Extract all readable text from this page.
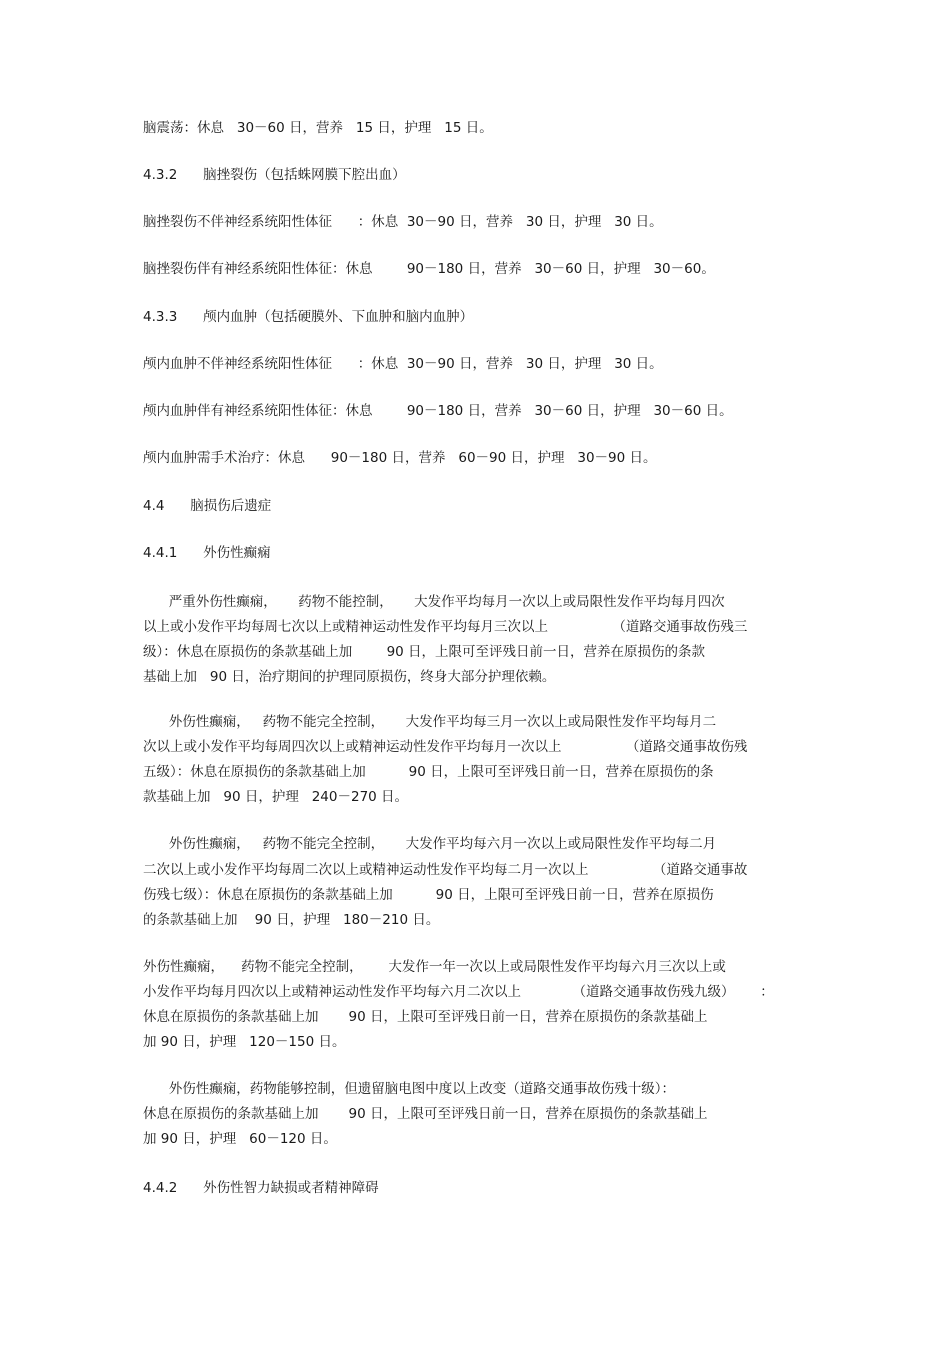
脑震荡：休息   30－60 日，营养   15 日，护理   15 日。

4.3.2      脑挫裂伤（包括蛛网膜下腔出血）

脑挫裂伤不伴神经系统阳性体征      ：休息  30－90 日，营养   30 日，护理   30 日。

脑挫裂伤伴有神经系统阳性体征：休息        90－180 日，营养   30－60 日，护理   30－60。

4.3.3      颅内血肿（包括硬膜外、下血肿和脑内血肿）

颅内血肿不伴神经系统阳性体征      ：休息  30－90 日，营养   30 日，护理   30 日。

颅内血肿伴有神经系统阳性体征：休息        90－180 日，营养   30－60 日，护理   30－60 日。

颅内血肿需手术治疗：休息      90－180 日，营养   60－90 日，护理   30－90 日。

4.4      脑损伤后遗症

4.4.1      外伤性癫痫

严重外伤性癫痫，     药物不能控制，     大发作平均每月一次以上或局限性发作平均每月四次

以上或小发作平均每周七次以上或精神运动性发作平均每月三次以上               （道路交通事故伤残三

级）：休息在原损伤的条款基础上加        90 日，上限可至评残日前一日，营养在原损伤的条款

基础上加   90 日，治疗期间的护理同原损伤，终身大部分护理依赖。

外伤性癫痫，   药物不能完全控制，     大发作平均每三月一次以上或局限性发作平均每月二

次以上或小发作平均每周四次以上或精神运动性发作平均每月一次以上               （道路交通事故伤残

五级）：休息在原损伤的条款基础上加          90 日，上限可至评残日前一日，营养在原损伤的条

款基础上加   90 日，护理   240－270 日。

外伤性癫痫，   药物不能完全控制，     大发作平均每六月一次以上或局限性发作平均每二月

二次以上或小发作平均每周二次以上或精神运动性发作平均每二月一次以上               （道路交通事故

伤残七级）：休息在原损伤的条款基础上加          90 日，上限可至评残日前一日，营养在原损伤

的条款基础上加    90 日，护理   180－210 日。

外伤性癫痫，    药物不能完全控制，      大发作一年一次以上或局限性发作平均每六月三次以上或

小发作平均每月四次以上或精神运动性发作平均每六月二次以上            （道路交通事故伤残九级）      ：

休息在原损伤的条款基础上加       90 日，上限可至评残日前一日，营养在原损伤的条款基础上

加 90 日，护理   120－150 日。

外伤性癫痫，药物能够控制，但遗留脑电图中度以上改变（道路交通事故伤残十级）：

休息在原损伤的条款基础上加       90 日，上限可至评残日前一日，营养在原损伤的条款基础上

加 90 日，护理   60－120 日。

4.4.2      外伤性智力缺损或者精神障碍
